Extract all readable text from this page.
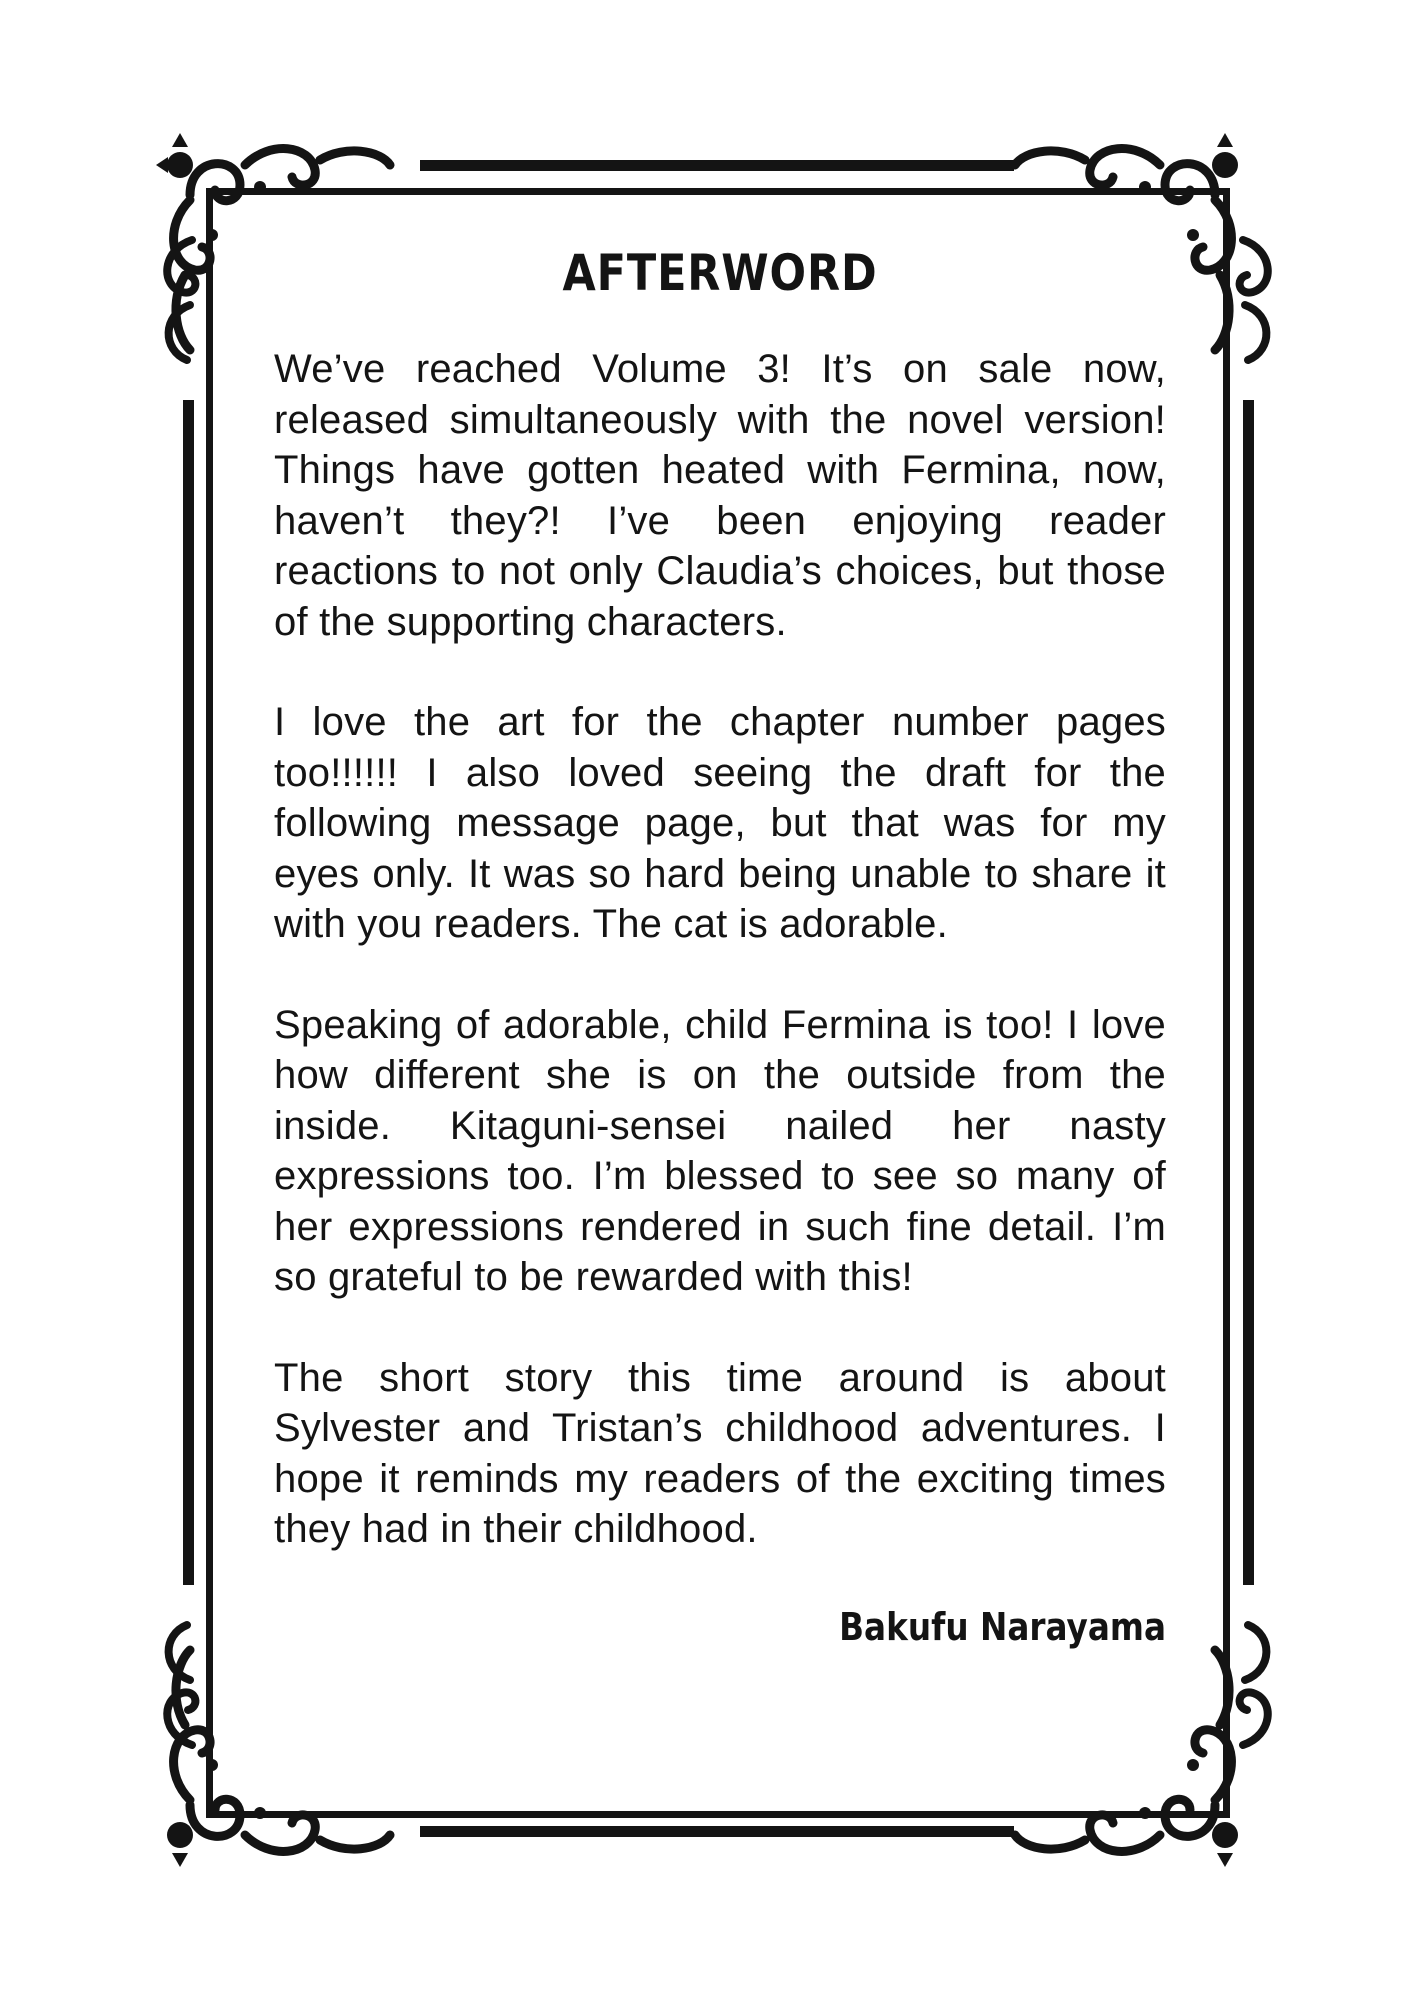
AFTERWORD

We’ve reached Volume 3! It’s on sale now, released simultaneously with the novel version! Things have gotten heated with Fermina, now, haven’t they?! I’ve been enjoying reader reactions to not only Claudia’s choices, but those of the supporting characters.

I love the art for the chapter number pages too!!!!!! I also loved seeing the draft for the following message page, but that was for my eyes only. It was so hard being unable to share it with you readers. The cat is adorable.

Speaking of adorable, child Fermina is too! I love how different she is on the outside from the inside. Kitaguni-sensei nailed her nasty expressions too. I’m blessed to see so many of her expressions rendered in such fine detail. I’m so grateful to be rewarded with this!

The short story this time around is about Sylvester and Tristan’s childhood adventures. I hope it reminds my readers of the exciting times they had in their childhood.

Bakufu Narayama
